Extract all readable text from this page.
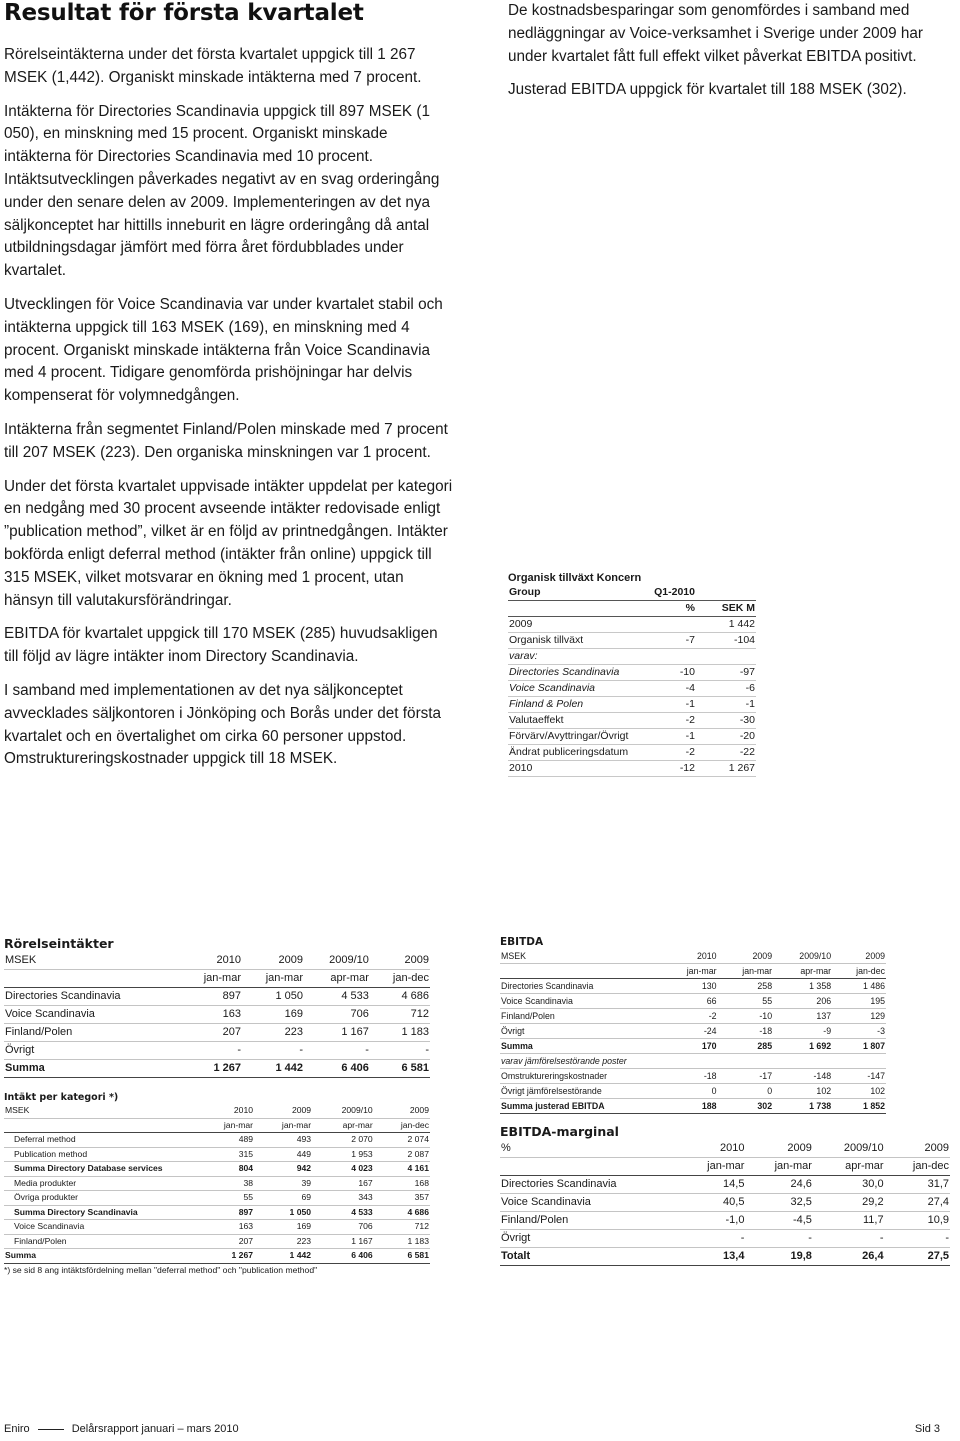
Resultat för första kvartalet

Rörelseintäkterna under det första kvartalet uppgick till 1 267 MSEK (1,442). Organiskt minskade intäkterna med 7 procent.

Intäkterna för Directories Scandinavia uppgick till 897 MSEK (1 050), en minskning med 15 procent. Organiskt minskade intäkterna för Directories Scandinavia med 10 procent. Intäktsutvecklingen påverkades negativt av en svag orderingång under den senare delen av 2009. Implementeringen av det nya säljkonceptet har hittills inneburit en lägre orderingång då antal utbildningsdagar jämfört med förra året fördubblades under kvartalet.

Utvecklingen för Voice Scandinavia var under kvartalet stabil och intäkterna uppgick till 163 MSEK (169), en minskning med 4 procent. Organiskt minskade intäkterna från Voice Scandinavia med 4 procent. Tidigare genomförda prishöjningar har delvis kompenserat för volymnedgången.

Intäkterna från segmentet Finland/Polen minskade med 7 procent till 207 MSEK (223). Den organiska minskningen var 1 procent.

Under det första kvartalet uppvisade intäkter uppdelat per kategori en nedgång med 30 procent avseende intäkter redovisade enligt ”publication method”, vilket är en följd av printnedgången. Intäkter bokförda enligt deferral method (intäkter från online) uppgick till 315 MSEK, vilket motsvarar en ökning med 1 procent, utan hänsyn till valutakursförändringar.

EBITDA för kvartalet uppgick till 170 MSEK (285) huvudsakligen till följd av lägre intäkter inom Directory Scandinavia.

I samband med implementationen av det nya säljkonceptet avvecklades säljkontoren i Jönköping och Borås under det första kvartalet och en övertalighet om cirka 60 personer uppstod. Omstruktureringskostnader uppgick till 18 MSEK.

De kostnadsbesparingar som genomfördes i samband med nedläggningar av Voice-verksamhet i Sverige under 2009 har under kvartalet fått full effekt vilket påverkat EBITDA positivt.

Justerad EBITDA uppgick för kvartalet till 188 MSEK (302).

Organisk tillväxt Koncern
Group	Q1-2010	
	%	SEK M
2009		1 442
Organisk tillväxt	-7	-104
varav:		
Directories Scandinavia	-10	-97
Voice Scandinavia	-4	-6
Finland & Polen	-1	-1
Valutaeffekt	-2	-30
Förvärv/Avyttringar/Övrigt	-1	-20
Ändrat publiceringsdatum	-2	-22
2010	-12	1 267
Rörelseintäkter
MSEK	2010	2009	2009/10	2009
	jan-mar	jan-mar	apr-mar	jan-dec
Directories Scandinavia	897	1 050	4 533	4 686
Voice Scandinavia	163	169	706	712
Finland/Polen	207	223	1 167	1 183
Övrigt	-	-	-	-
Summa	1 267	1 442	6 406	6 581
Intäkt per kategori *)
MSEK	2010	2009	2009/10	2009
	jan-mar	jan-mar	apr-mar	jan-dec
Deferral method	489	493	2 070	2 074
Publication method	315	449	1 953	2 087
Summa Directory Database services	804	942	4 023	4 161
Media produkter	38	39	167	168
Övriga produkter	55	69	343	357
Summa Directory Scandinavia	897	1 050	4 533	4 686
Voice Scandinavia	163	169	706	712
Finland/Polen	207	223	1 167	1 183
Summa	1 267	1 442	6 406	6 581
*) se sid 8 ang intäktsfördelning mellan "deferral method" och "publication method"
EBITDA
MSEK	2010	2009	2009/10	2009
	jan-mar	jan-mar	apr-mar	jan-dec
Directories Scandinavia	130	258	1 358	1 486
Voice Scandinavia	66	55	206	195
Finland/Polen	-2	-10	137	129
Övrigt	-24	-18	-9	-3
Summa	170	285	1 692	1 807
varav jämförelsestörande poster				
Omstruktureringskostnader	-18	-17	-148	-147
Övrigt jämförelsestörande	0	0	102	102
Summa justerad EBITDA	188	302	1 738	1 852
EBITDA-marginal
%	2010	2009	2009/10	2009
	jan-mar	jan-mar	apr-mar	jan-dec
Directories Scandinavia	14,5	24,6	30,0	31,7
Voice Scandinavia	40,5	32,5	29,2	27,4
Finland/Polen	-1,0	-4,5	11,7	10,9
Övrigt	-	-	-	-
Totalt	13,4	19,8	26,4	27,5
Eniro	Delårsrapport januari – mars 2010	Sid 3
